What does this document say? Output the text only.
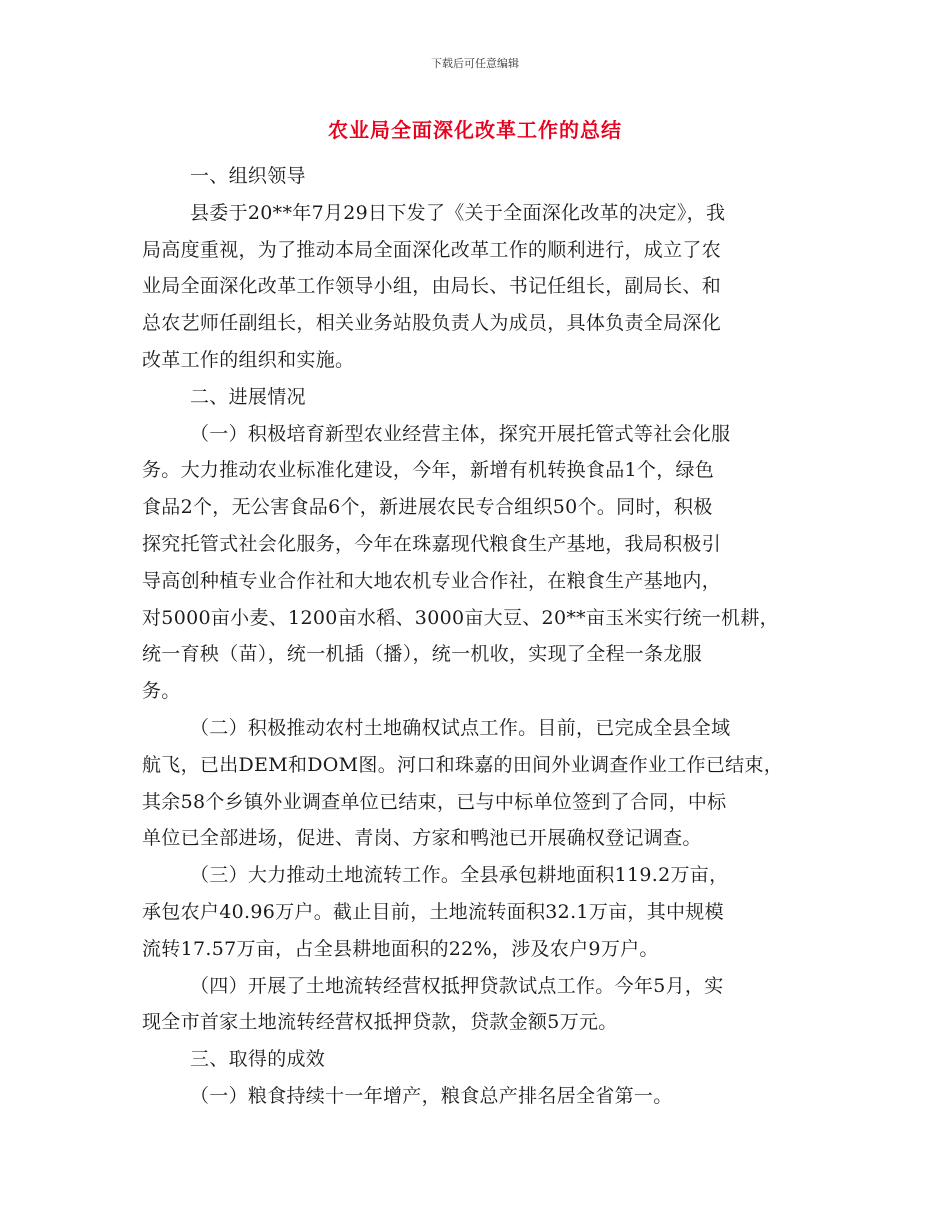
下载后可任意编辑
农业局全面深化改革工作的总结
一、组织领导
县委于20**年7月29日下发了《关于全面深化改革的决定》，我
局高度重视，为了推动本局全面深化改革工作的顺利进行，成立了农
业局全面深化改革工作领导小组，由局长、书记任组长，副局长、和
总农艺师任副组长，相关业务站股负责人为成员，具体负责全局深化
改革工作的组织和实施。
二、进展情况
（一）积极培育新型农业经营主体，探究开展托管式等社会化服
务。大力推动农业标准化建设，今年，新增有机转换食品1个，绿色
食品2个，无公害食品6个，新进展农民专合组织50个。同时，积极
探究托管式社会化服务，今年在珠嘉现代粮食生产基地，我局积极引
导高创种植专业合作社和大地农机专业合作社，在粮食生产基地内，
对5000亩小麦、1200亩水稻、3000亩大豆、20**亩玉米实行统一机耕，
统一育秧（苗），统一机插（播），统一机收，实现了全程一条龙服
务。
（二）积极推动农村土地确权试点工作。目前，已完成全县全域
航飞，已出DEM和DOM图。河口和珠嘉的田间外业调查作业工作已结束，
其余58个乡镇外业调查单位已结束，已与中标单位签到了合同，中标
单位已全部进场，促进、青岗、方家和鸭池已开展确权登记调查。
（三）大力推动土地流转工作。全县承包耕地面积119.2万亩，
承包农户40.96万户。截止目前，土地流转面积32.1万亩，其中规模
流转17.57万亩，占全县耕地面积的22%，涉及农户9万户。
（四）开展了土地流转经营权抵押贷款试点工作。今年5月，实
现全市首家土地流转经营权抵押贷款，贷款金额5万元。
三、取得的成效
（一）粮食持续十一年增产，粮食总产排名居全省第一。
